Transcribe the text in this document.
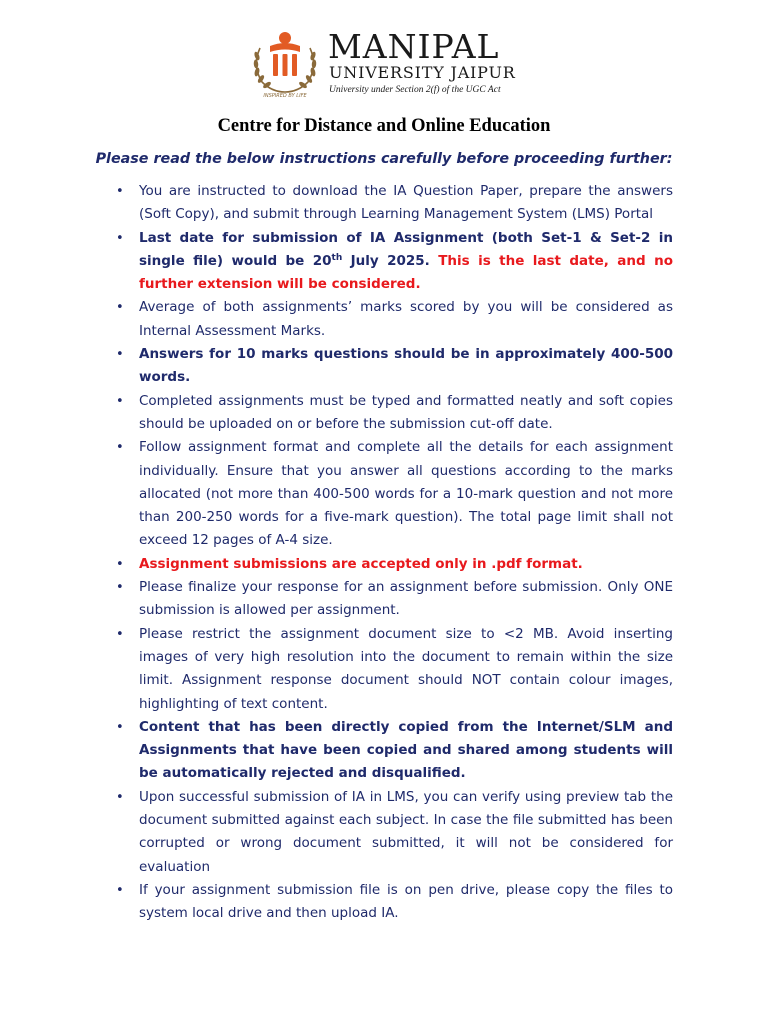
INSPIRED BY LIFE
MANIPAL
UNIVERSITY JAIPUR
University under Section 2(f) of the UGC Act
Centre for Distance and Online Education
Please read the below instructions carefully before proceeding further:
• You are instructed to download the IA Question Paper, prepare the answers (Soft Copy), and submit through Learning Management System (LMS) Portal
• Last date for submission of IA Assignment (both Set-1 & Set-2 in single file) would be 20th July 2025. This is the last date, and no further extension will be considered.
• Average of both assignments’ marks scored by you will be considered as Internal Assessment Marks.
• Answers for 10 marks questions should be in approximately 400-500 words.
• Completed assignments must be typed and formatted neatly and soft copies should be uploaded on or before the submission cut-off date.
• Follow assignment format and complete all the details for each assignment individually. Ensure that you answer all questions according to the marks allocated (not more than 400-500 words for a 10-mark question and not more than 200-250 words for a five-mark question). The total page limit shall not exceed 12 pages of A-4 size.
• Assignment submissions are accepted only in .pdf format.
• Please finalize your response for an assignment before submission. Only ONE submission is allowed per assignment.
• Please restrict the assignment document size to <2 MB. Avoid inserting images of very high resolution into the document to remain within the size limit. Assignment response document should NOT contain colour images, highlighting of text content.
• Content that has been directly copied from the Internet/SLM and Assignments that have been copied and shared among students will be automatically rejected and disqualified.
• Upon successful submission of IA in LMS, you can verify using preview tab the document submitted against each subject. In case the file submitted has been corrupted or wrong document submitted, it will not be considered for evaluation
• If your assignment submission file is on pen drive, please copy the files to system local drive and then upload IA.
